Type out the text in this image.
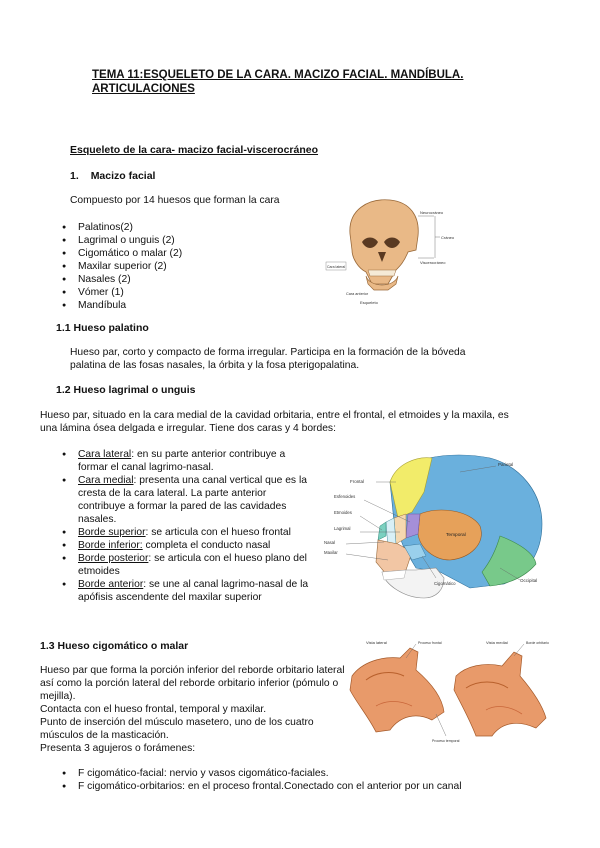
TEMA 11:ESQUELETO DE LA CARA. MACIZO FACIAL. MANDÍBULA. ARTICULACIONES
Esqueleto de la cara- macizo facial-viscerocráneo
1. Macizo facial
Compuesto por 14 huesos que forman la cara
● Palatinos(2)
● Lagrimal o unguis (2)
● Cigomático o malar (2)
● Maxilar superior (2)
● Nasales (2)
● Vómer (1)
● Mandíbula
Neurocráneo
Cráneo
Viscerocráneo
Cara lateral
Cara anterior
Esqueleto
1.1 Hueso palatino
Hueso par, corto y compacto de forma irregular. Participa en la formación de la bóveda palatina de las fosas nasales, la órbita y la fosa pterigopalatina.
1.2 Hueso lagrimal o unguis
Hueso par, situado en la cara medial de la cavidad orbitaria, entre el frontal, el etmoides y la maxila, es una lámina ósea delgada e irregular. Tiene dos caras y 4 bordes:
● Cara lateral: en su parte anterior contribuye a formar el canal lagrimo-nasal.
● Cara medial: presenta una canal vertical que es la cresta de la cara lateral. La parte anterior contribuye a formar la pared de las cavidades nasales.
● Borde superior: se articula con el hueso frontal
● Borde inferior: completa el conducto nasal
● Borde posterior: se articula con el hueso plano del etmoides
● Borde anterior: se une al canal lagrimo-nasal de la apófisis ascendente del maxilar superior
Frontal
Parietal
Esfenoides
Etmoides
Lagrimal
Nasal
Maxilar
Temporal
Occipital
Cigomático
1.3 Hueso cigomático o malar
Hueso par que forma la porción inferior del reborde orbitario lateral así como la porción lateral del reborde orbitario inferior (pómulo o mejilla).
Contacta con el hueso frontal, temporal y maxilar.
Punto de inserción del músculo masetero, uno de los cuatro músculos de la masticación.
Presenta 3 agujeros o forámenes:
Vista lateral	Vista medial
Proceso frontal
Proceso temporal
Borde orbitario
● F cigomático-facial: nervio y vasos cigomático-faciales.
● F cigomático-orbitarios: en el proceso frontal.Conectado con el anterior por un canal
